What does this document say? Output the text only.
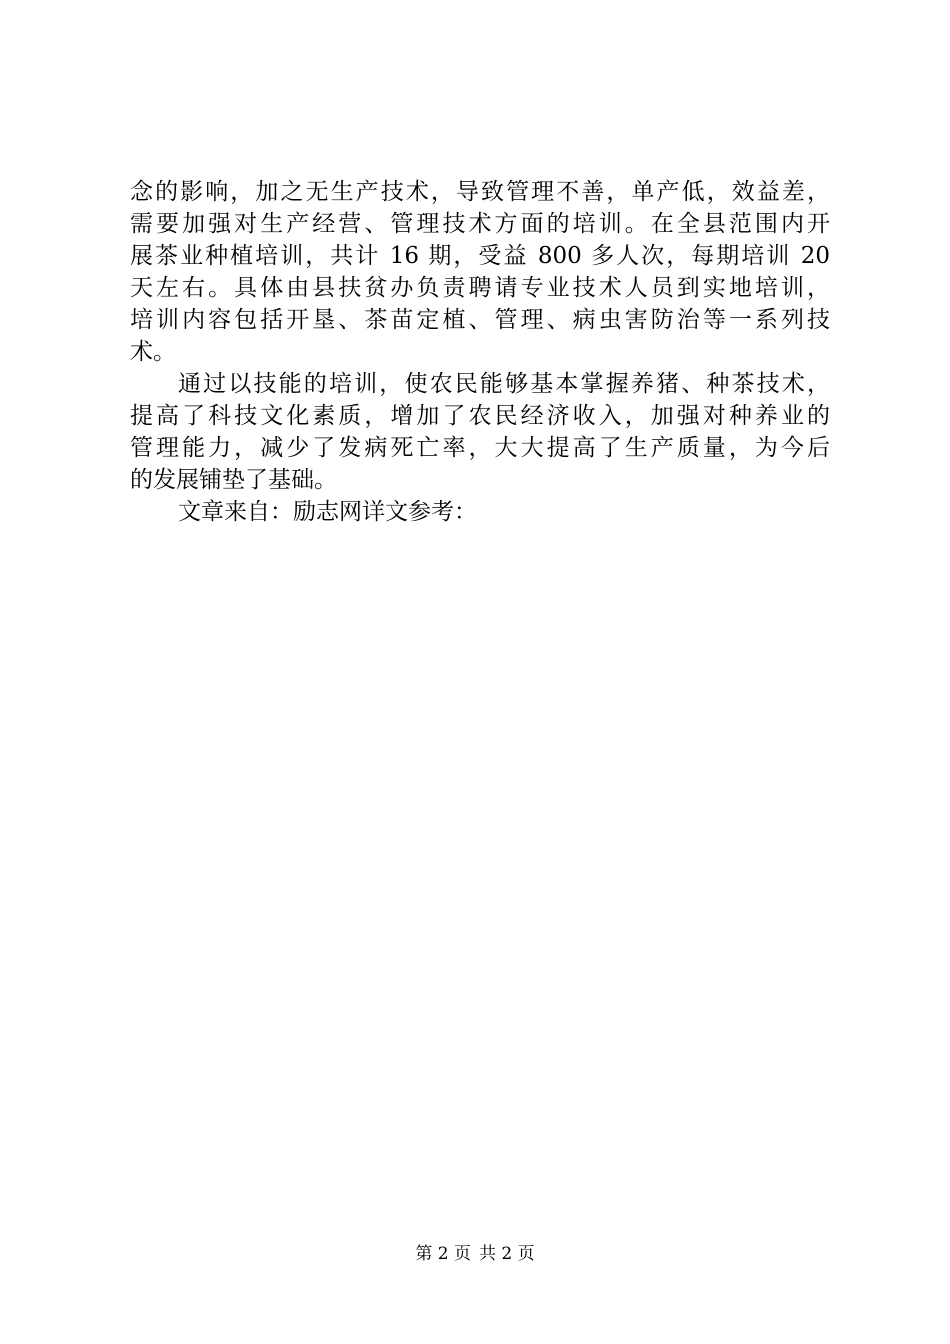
念的影响，加之无生产技术，导致管理不善，单产低，效益差，
需要加强对生产经营、管理技术方面的培训。在全县范围内开
展茶业种植培训，共计 16 期，受益 800 多人次，每期培训 20
天左右。具体由县扶贫办负责聘请专业技术人员到实地培训，
培训内容包括开垦、茶苗定植、管理、病虫害防治等一系列技
术。
通过以技能的培训，使农民能够基本掌握养猪、种茶技术，
提高了科技文化素质，增加了农民经济收入，加强对种养业的
管理能力，减少了发病死亡率，大大提高了生产质量，为今后
的发展铺垫了基础。
文章来自：励志网详文参考：
第 2 页 共 2 页
